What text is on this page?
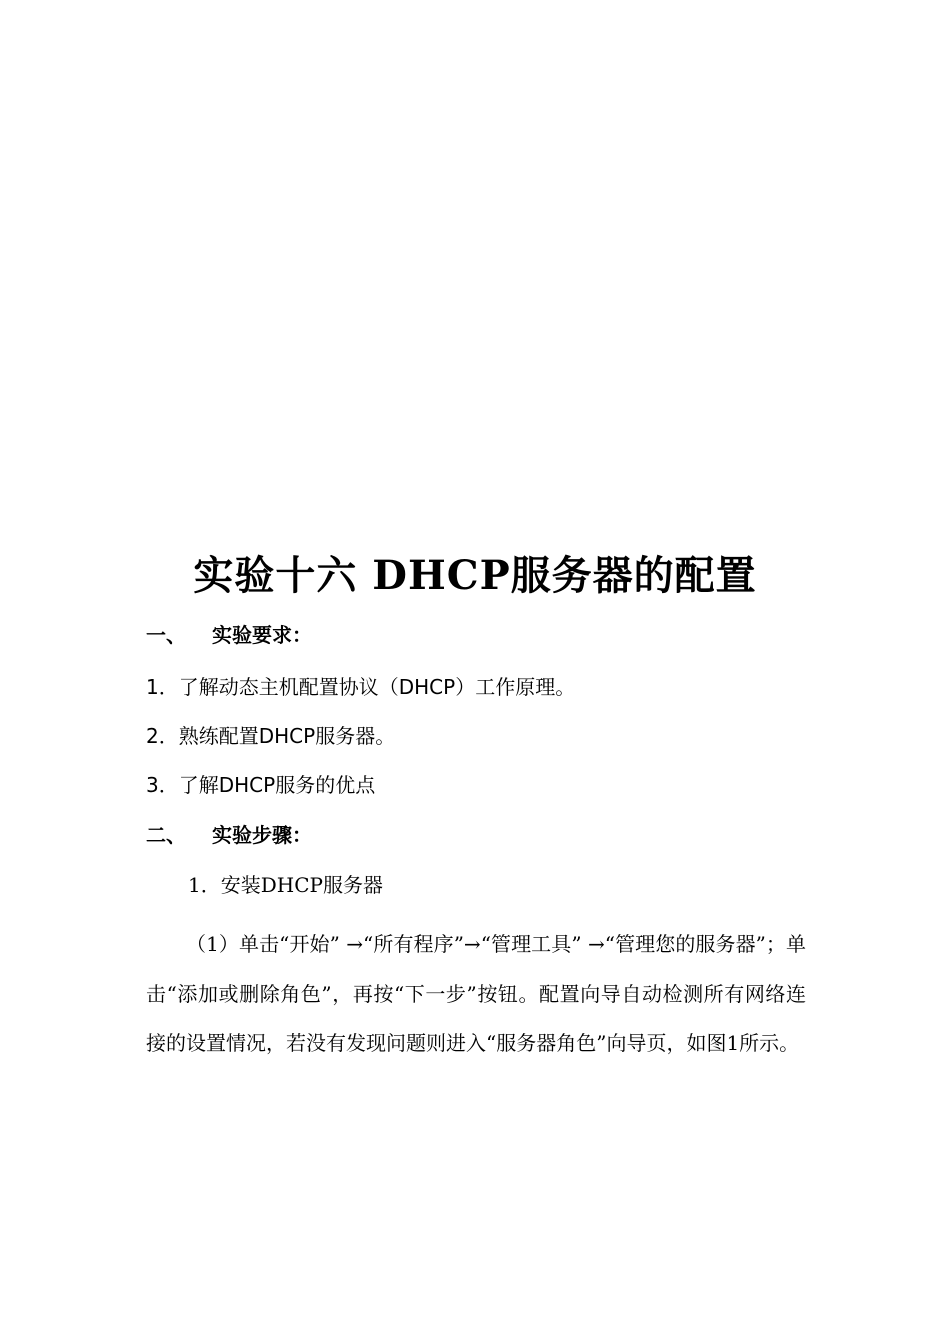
实验十六 DHCP服务器的配置
一、 实验要求：
1．了解动态主机配置协议（DHCP）工作原理。
2．熟练配置DHCP服务器。
3．了解DHCP服务的优点
二、 实验步骤：
1．安装DHCP服务器
（1）单击“开始” →“所有程序”→“管理工具” →“管理您的服务器”；单击“添加或删除角色”，再按“下一步”按钮。配置向导自动检测所有网络连接的设置情况，若没有发现问题则进入“服务器角色”向导页，如图1所示。
